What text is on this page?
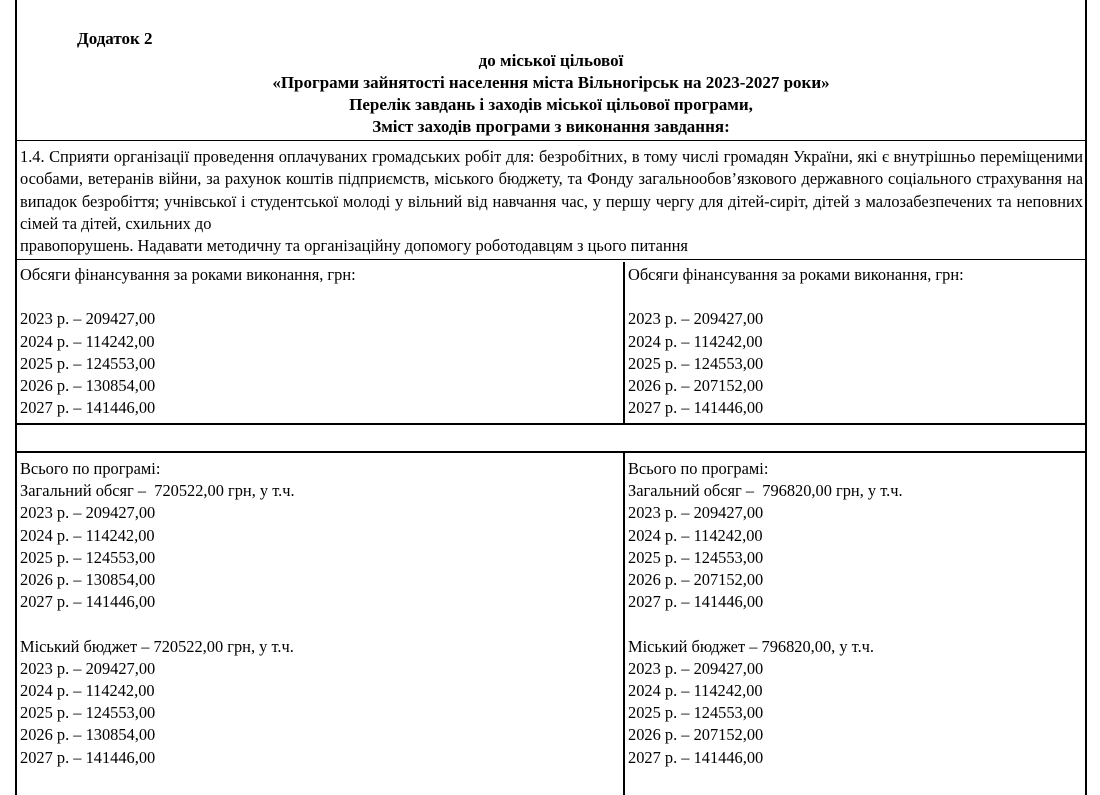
Додаток 2
до міської цільової
«Програми зайнятості населення міста Вільногірськ на 2023-2027 роки»
Перелік завдань і заходів міської цільової програми,
Зміст заходів програми з виконання завдання:
1.4. Сприяти організації проведення оплачуваних громадських робіт для: безробітних, в тому числі громадян України, які є внутрішньо переміщеними особами, ветеранів війни, за рахунок коштів підприємств, міського бюджету, та Фонду загальнообов’язкового державного соціального страхування на випадок безробіття; учнівської і студентської молоді у вільний від навчання час, у першу чергу для дітей-сиріт, дітей з малозабезпечених та неповних сімей та дітей, схильних до
правопорушень. Надавати методичну та організаційну допомогу роботодавцям з цього питання
Обсяги фінансування за роками виконання, грн:
2023 р. – 209427,00
2024 р. – 114242,00
2025 р. – 124553,00
2026 р. – 130854,00
2027 р. – 141446,00
Обсяги фінансування за роками виконання, грн:
2023 р. – 209427,00
2024 р. – 114242,00
2025 р. – 124553,00
2026 р. – 207152,00
2027 р. – 141446,00
Всього по програмі:
Загальний обсяг –  720522,00 грн, у т.ч.
2023 р. – 209427,00
2024 р. – 114242,00
2025 р. – 124553,00
2026 р. – 130854,00
2027 р. – 141446,00
Міський бюджет – 720522,00 грн, у т.ч.
2023 р. – 209427,00
2024 р. – 114242,00
2025 р. – 124553,00
2026 р. – 130854,00
2027 р. – 141446,00
Всього по програмі:
Загальний обсяг –  796820,00 грн, у т.ч.
2023 р. – 209427,00
2024 р. – 114242,00
2025 р. – 124553,00
2026 р. – 207152,00
2027 р. – 141446,00
Міський бюджет – 796820,00, у т.ч.
2023 р. – 209427,00
2024 р. – 114242,00
2025 р. – 124553,00
2026 р. – 207152,00
2027 р. – 141446,00
